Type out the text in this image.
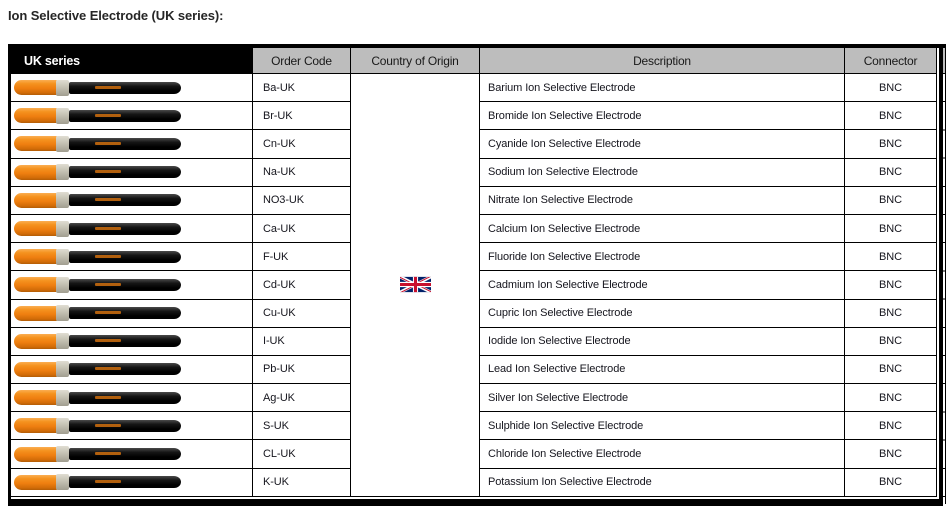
Ion Selective Electrode (UK series):
UK series	Order Code	Country of Origin	Description	Connector
Ba-UK	Barium Ion Selective Electrode	BNC
Br-UK	Bromide Ion Selective Electrode	BNC
Cn-UK	Cyanide Ion Selective Electrode	BNC
Na-UK	Sodium Ion Selective Electrode	BNC
NO3-UK	Nitrate Ion Selective Electrode	BNC
Ca-UK	Calcium Ion Selective Electrode	BNC
F-UK	Fluoride Ion Selective Electrode	BNC
Cd-UK	Cadmium Ion Selective Electrode	BNC
Cu-UK	Cupric Ion Selective Electrode	BNC
I-UK	Iodide Ion Selective Electrode	BNC
Pb-UK	Lead Ion Selective Electrode	BNC
Ag-UK	Silver Ion Selective Electrode	BNC
S-UK	Sulphide Ion Selective Electrode	BNC
CL-UK	Chloride Ion Selective Electrode	BNC
K-UK	Potassium Ion Selective Electrode	BNC
